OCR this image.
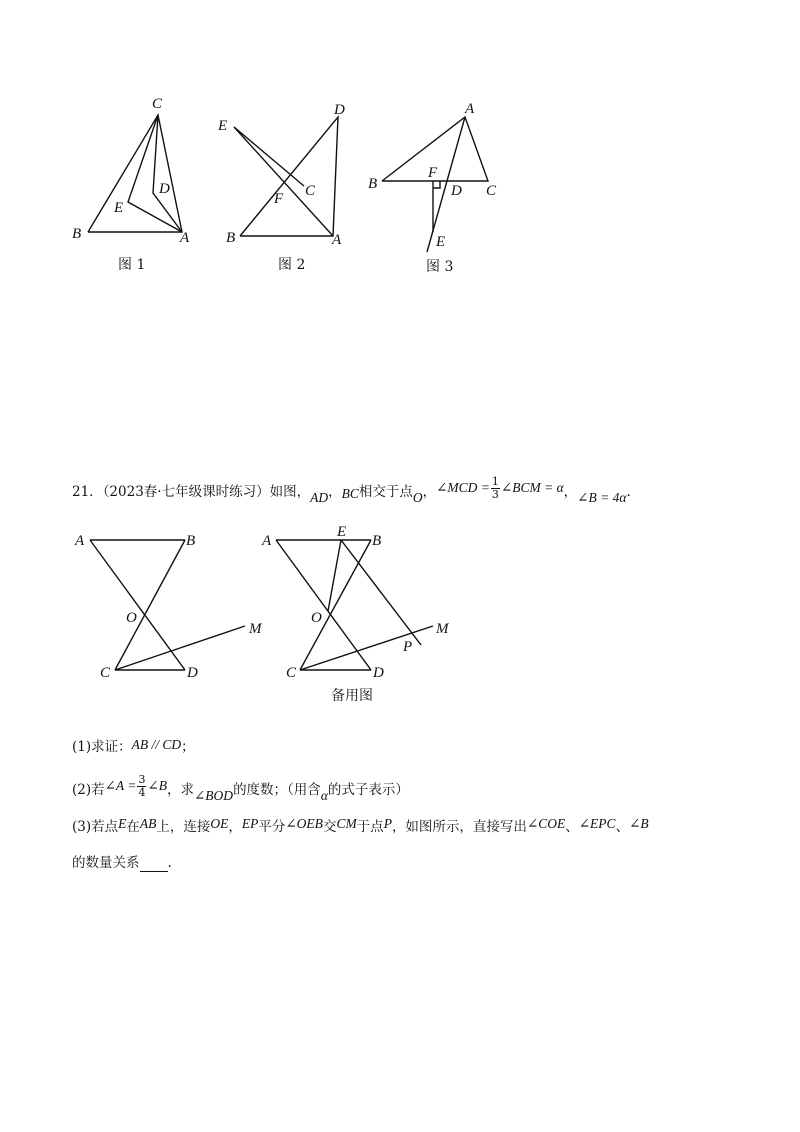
C
D
E
B	A
图 1
D
E
C
F
B	A
图 2
A
B
F
D C
E
图 3
21．（2023春·七年级课时练习）如图，AD，BC相交于点O，∠MCD = $\frac{1}{3}$ ∠BCM = α，∠B = 4α.
A	B
O
M
C	D
A
E
B
O
M
P
C	D
备用图
(1)求证：AB // CD；
(2)若∠A = $\frac{3}{4}$ ∠B，求∠BOD的度数；（用含α的式子表示）
(3)若点E在AB上，连接OE，EP平分∠OEB交CM于点P，如图所示，直接写出∠COE、∠EPC、∠B
的数量关系 .
